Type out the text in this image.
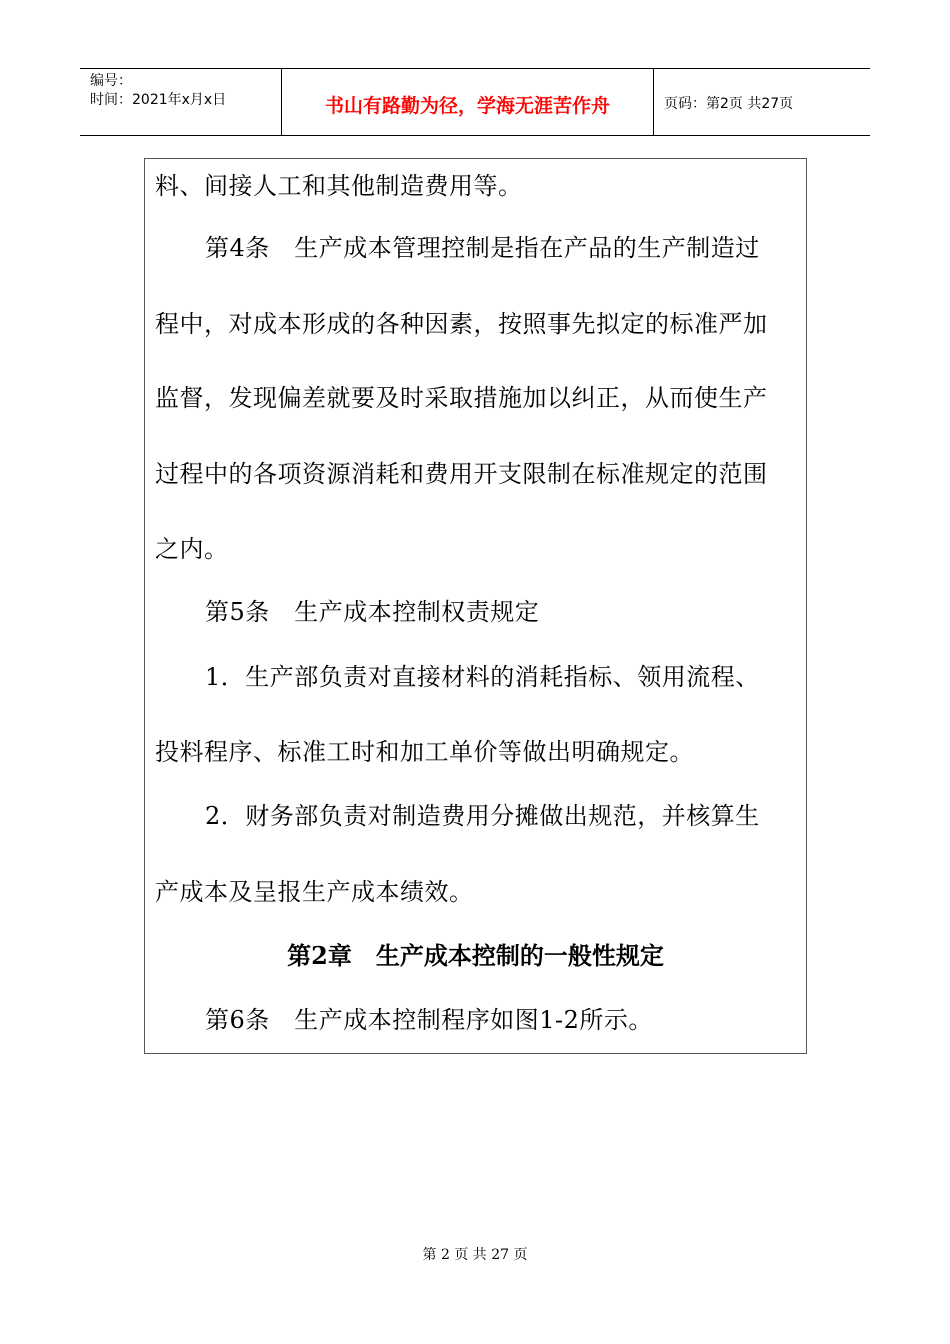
编号：
时间：2021年x月x日	书山有路勤为径，学海无涯苦作舟	页码：第2页 共27页
料、间接人工和其他制造费用等。
第4条　生产成本管理控制是指在产品的生产制造过
程中，对成本形成的各种因素，按照事先拟定的标准严加
监督，发现偏差就要及时采取措施加以纠正，从而使生产
过程中的各项资源消耗和费用开支限制在标准规定的范围
之内。
第5条　生产成本控制权责规定
1．生产部负责对直接材料的消耗指标、领用流程、
投料程序、标准工时和加工单价等做出明确规定。
2．财务部负责对制造费用分摊做出规范，并核算生
产成本及呈报生产成本绩效。
第2章　生产成本控制的一般性规定
第6条　生产成本控制程序如图1-2所示。
第 2 页 共 27 页
